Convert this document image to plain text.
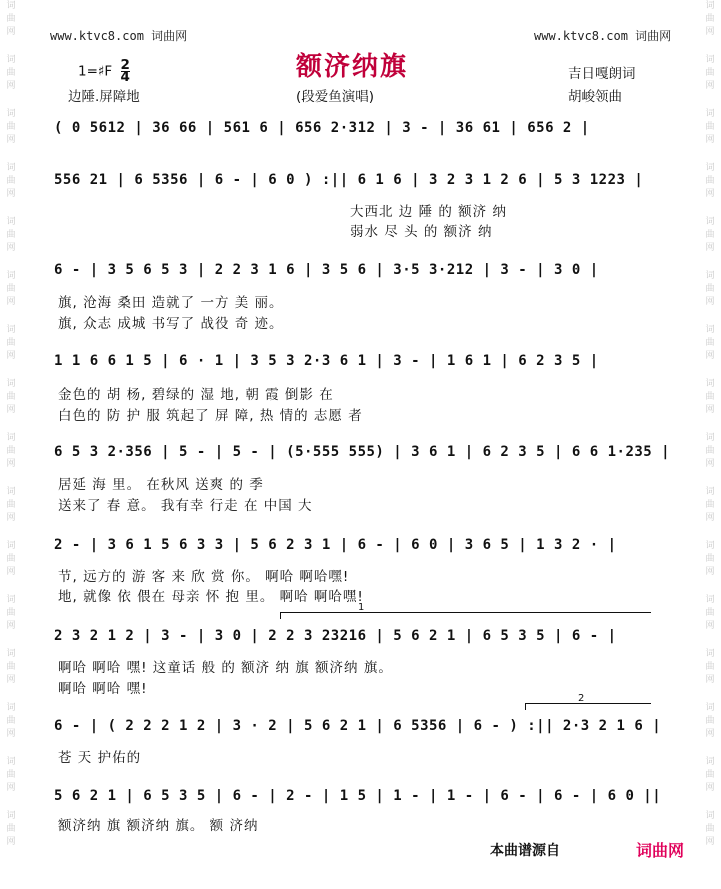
词
曲
网
词
曲
网
词
曲
网
词
曲
网
词
曲
网
词
曲
网
词
曲
网
词
曲
网
词
曲
网
词
曲
网
词
曲
网
词
曲
网
词
曲
网
词
曲
网
词
曲
网
词
曲
网
词
曲
网
词
曲
网
词
曲
网
词
曲
网
词
曲
网
词
曲
网
词
曲
网
词
曲
网
词
曲
网
词
曲
网
词
曲
网
词
曲
网
词
曲
网
词
曲
网
词
曲
网
词
曲
网
www.ktvc8.com 词曲网	www.ktvc8.com 词曲网
1=♯F $\frac{2}{4}$	额济纳旗	吉日嘎朗词
边陲.屏障地	(段爱鱼演唱)	胡峻领曲
( 0 5612 | 36 66 | 561 6 | 656 2·312 | 3 - | 36 61 | 656 2 |
556 21 | 6 5356 | 6 - | 6 0 ) :|| 6 1 6 | 3 2 3 1 2 6 | 5 3 1223 |
大西北 边 陲 的 额济 纳
弱水 尽 头 的 额济 纳
6 - | 3 5 6 5 3 | 2 2 3 1 6 | 3 5 6 | 3·5 3·212 | 3 - | 3 0 |
旗, 沧海 桑田 造就了 一方 美 丽。
旗, 众志 成城 书写了 战役 奇 迹。
1 1 6 6 1 5 | 6 · 1 | 3 5 3 2·3 6 1 | 3 - | 1 6 1 | 6 2 3 5 |
金色的 胡 杨, 碧绿的 湿 地, 朝 霞 倒影 在
白色的 防 护 服 筑起了 屏 障, 热 情的 志愿 者
6 5 3 2·356 | 5 - | 5 - | (5·555 555) | 3 6 1 | 6 2 3 5 | 6 6 1·235 |
居延 海 里。 在秋风 送爽 的 季
送来了 春 意。 我有幸 行走 在 中国 大
2 - | 3 6 1 5 6 3 3 | 5 6 2 3 1 | 6 - | 6 0 | 3 6 5 | 1 3 2 · |
节, 远方的 游 客 来 欣 赏 你。 啊哈 啊哈嘿!
地, 就像 依 偎在 母亲 怀 抱 里。 啊哈 啊哈嘿!
1
2 3 2 1 2 | 3 - | 3 0 | 2 2 3 23216 | 5 6 2 1 | 6 5 3 5 | 6 - |
啊哈 啊哈 嘿! 这童话 般 的 额济 纳 旗 额济纳 旗。
啊哈 啊哈 嘿!
2
6 - | ( 2 2 2 1 2 | 3 · 2 | 5 6 2 1 | 6 5356 | 6 - ) :|| 2·3 2 1 6 |
苍 天 护佑的
5 6 2 1 | 6 5 3 5 | 6 - | 2 - | 1 5 | 1 - | 1 - | 6 - | 6 - | 6 0 ||
额济纳 旗 额济纳 旗。 额 济纳
本曲谱源自	词曲网
